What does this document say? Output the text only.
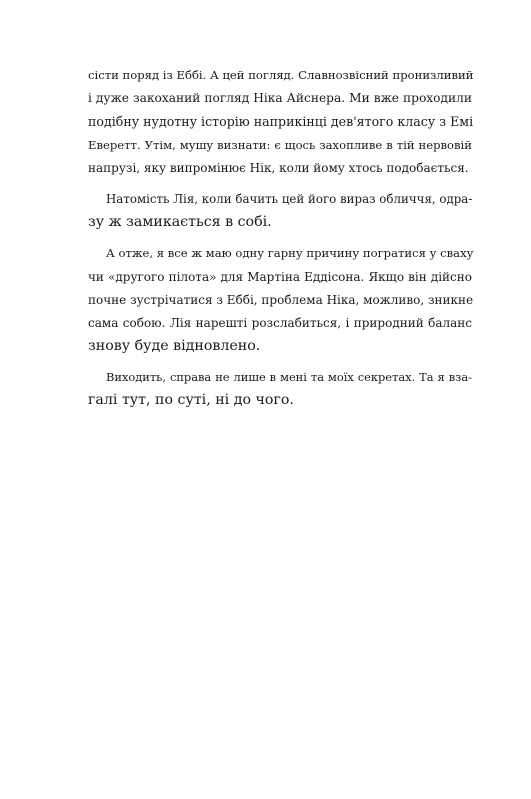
сісти поряд із Еббі. А цей погляд. Славнозвісний пронизливий
і дуже закоханий погляд Ніка Айснера. Ми вже проходили
подібну нудотну історію наприкінці дев'ятого класу з Емі
Еверетт. Утім, мушу визнати: є щось захопливе в тій нервовій
напрузі, яку випромінює Нік, коли йому хтось подобається.
Натомість Лія, коли бачить цей його вираз обличчя, одра-
зу ж замикається в собі.
А отже, я все ж маю одну гарну причину погратися у сваху
чи «другого пілота» для Мартіна Еддісона. Якщо він дійсно
почне зустрічатися з Еббі, проблема Ніка, можливо, зникне
сама собою. Лія нарешті розслабиться, і природний баланс
знову буде відновлено.
Виходить, справа не лише в мені та моїх секретах. Та я вза-
галі тут, по суті, ні до чого.
